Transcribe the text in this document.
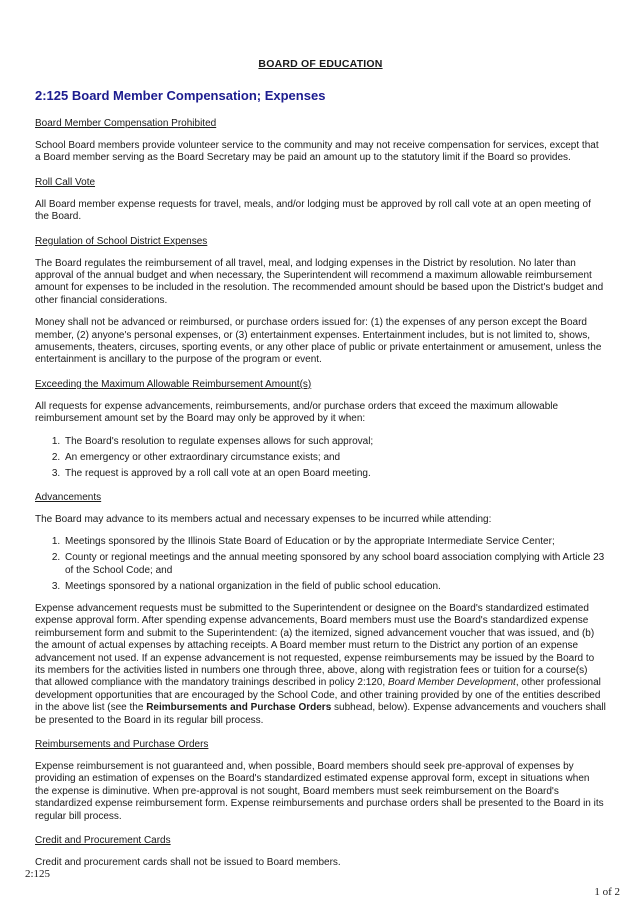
BOARD OF EDUCATION
2:125 Board Member Compensation; Expenses
Board Member Compensation Prohibited

School Board members provide volunteer service to the community and may not receive compensation for services, except that a Board member serving as the Board Secretary may be paid an amount up to the statutory limit if the Board so provides.

Roll Call Vote

All Board member expense requests for travel, meals, and/or lodging must be approved by roll call vote at an open meeting of the Board.

Regulation of School District Expenses

The Board regulates the reimbursement of all travel, meal, and lodging expenses in the District by resolution. No later than approval of the annual budget and when necessary, the Superintendent will recommend a maximum allowable reimbursement amount for expenses to be included in the resolution. The recommended amount should be based upon the District's budget and other financial considerations.

Money shall not be advanced or reimbursed, or purchase orders issued for: (1) the expenses of any person except the Board member, (2) anyone's personal expenses, or (3) entertainment expenses. Entertainment includes, but is not limited to, shows, amusements, theaters, circuses, sporting events, or any other place of public or private entertainment or amusement, unless the entertainment is ancillary to the purpose of the program or event.

Exceeding the Maximum Allowable Reimbursement Amount(s)

All requests for expense advancements, reimbursements, and/or purchase orders that exceed the maximum allowable reimbursement amount set by the Board may only be approved by it when:

1. The Board's resolution to regulate expenses allows for such approval;
2. An emergency or other extraordinary circumstance exists; and
3. The request is approved by a roll call vote at an open Board meeting.
Advancements

The Board may advance to its members actual and necessary expenses to be incurred while attending:

1. Meetings sponsored by the Illinois State Board of Education or by the appropriate Intermediate Service Center;
2. County or regional meetings and the annual meeting sponsored by any school board association complying with Article 23 of the School Code; and
3. Meetings sponsored by a national organization in the field of public school education.

Expense advancement requests must be submitted to the Superintendent or designee on the Board's standardized estimated expense approval form. After spending expense advancements, Board members must use the Board's standardized expense reimbursement form and submit to the Superintendent: (a) the itemized, signed advancement voucher that was issued, and (b) the amount of actual expenses by attaching receipts. A Board member must return to the District any portion of an expense advancement not used. If an expense advancement is not requested, expense reimbursements may be issued by the Board to its members for the activities listed in numbers one through three, above, along with registration fees or tuition for a course(s) that allowed compliance with the mandatory trainings described in policy 2:120, Board Member Development, other professional development opportunities that are encouraged by the School Code, and other training provided by one of the entities described in the above list (see the Reimbursements and Purchase Orders subhead, below). Expense advancements and vouchers shall be presented to the Board in its regular bill process.

Reimbursements and Purchase Orders

Expense reimbursement is not guaranteed and, when possible, Board members should seek pre-approval of expenses by providing an estimation of expenses on the Board's standardized estimated expense approval form, except in situations when the expense is diminutive. When pre-approval is not sought, Board members must seek reimbursement on the Board's standardized expense reimbursement form. Expense reimbursements and purchase orders shall be presented to the Board in its regular bill process.

Credit and Procurement Cards

Credit and procurement cards shall not be issued to Board members.

2:125
1 of 2
